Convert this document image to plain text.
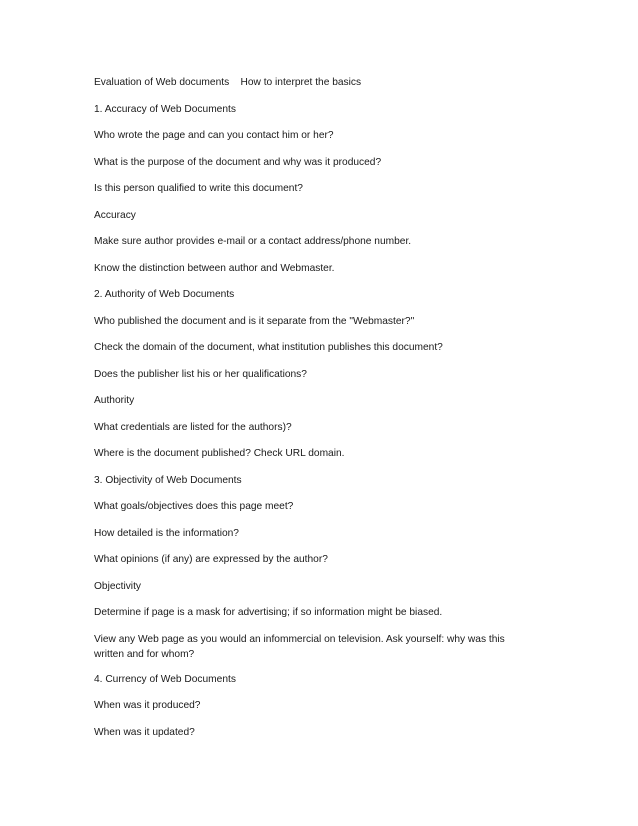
Evaluation of Web documents    How to interpret the basics

1. Accuracy of Web Documents

Who wrote the page and can you contact him or her?

What is the purpose of the document and why was it produced?

Is this person qualified to write this document?

Accuracy

Make sure author provides e-mail or a contact address/phone number.

Know the distinction between author and Webmaster.

2. Authority of Web Documents

Who published the document and is it separate from the "Webmaster?"

Check the domain of the document, what institution publishes this document?

Does the publisher list his or her qualifications?

Authority

What credentials are listed for the authors)?

Where is the document published? Check URL domain.

3. Objectivity of Web Documents

What goals/objectives does this page meet?

How detailed is the information?

What opinions (if any) are expressed by the author?

Objectivity

Determine if page is a mask for advertising; if so information might be biased.

View any Web page as you would an infommercial on television. Ask yourself: why was this written and for whom?

4. Currency of Web Documents

When was it produced?

When was it updated?
